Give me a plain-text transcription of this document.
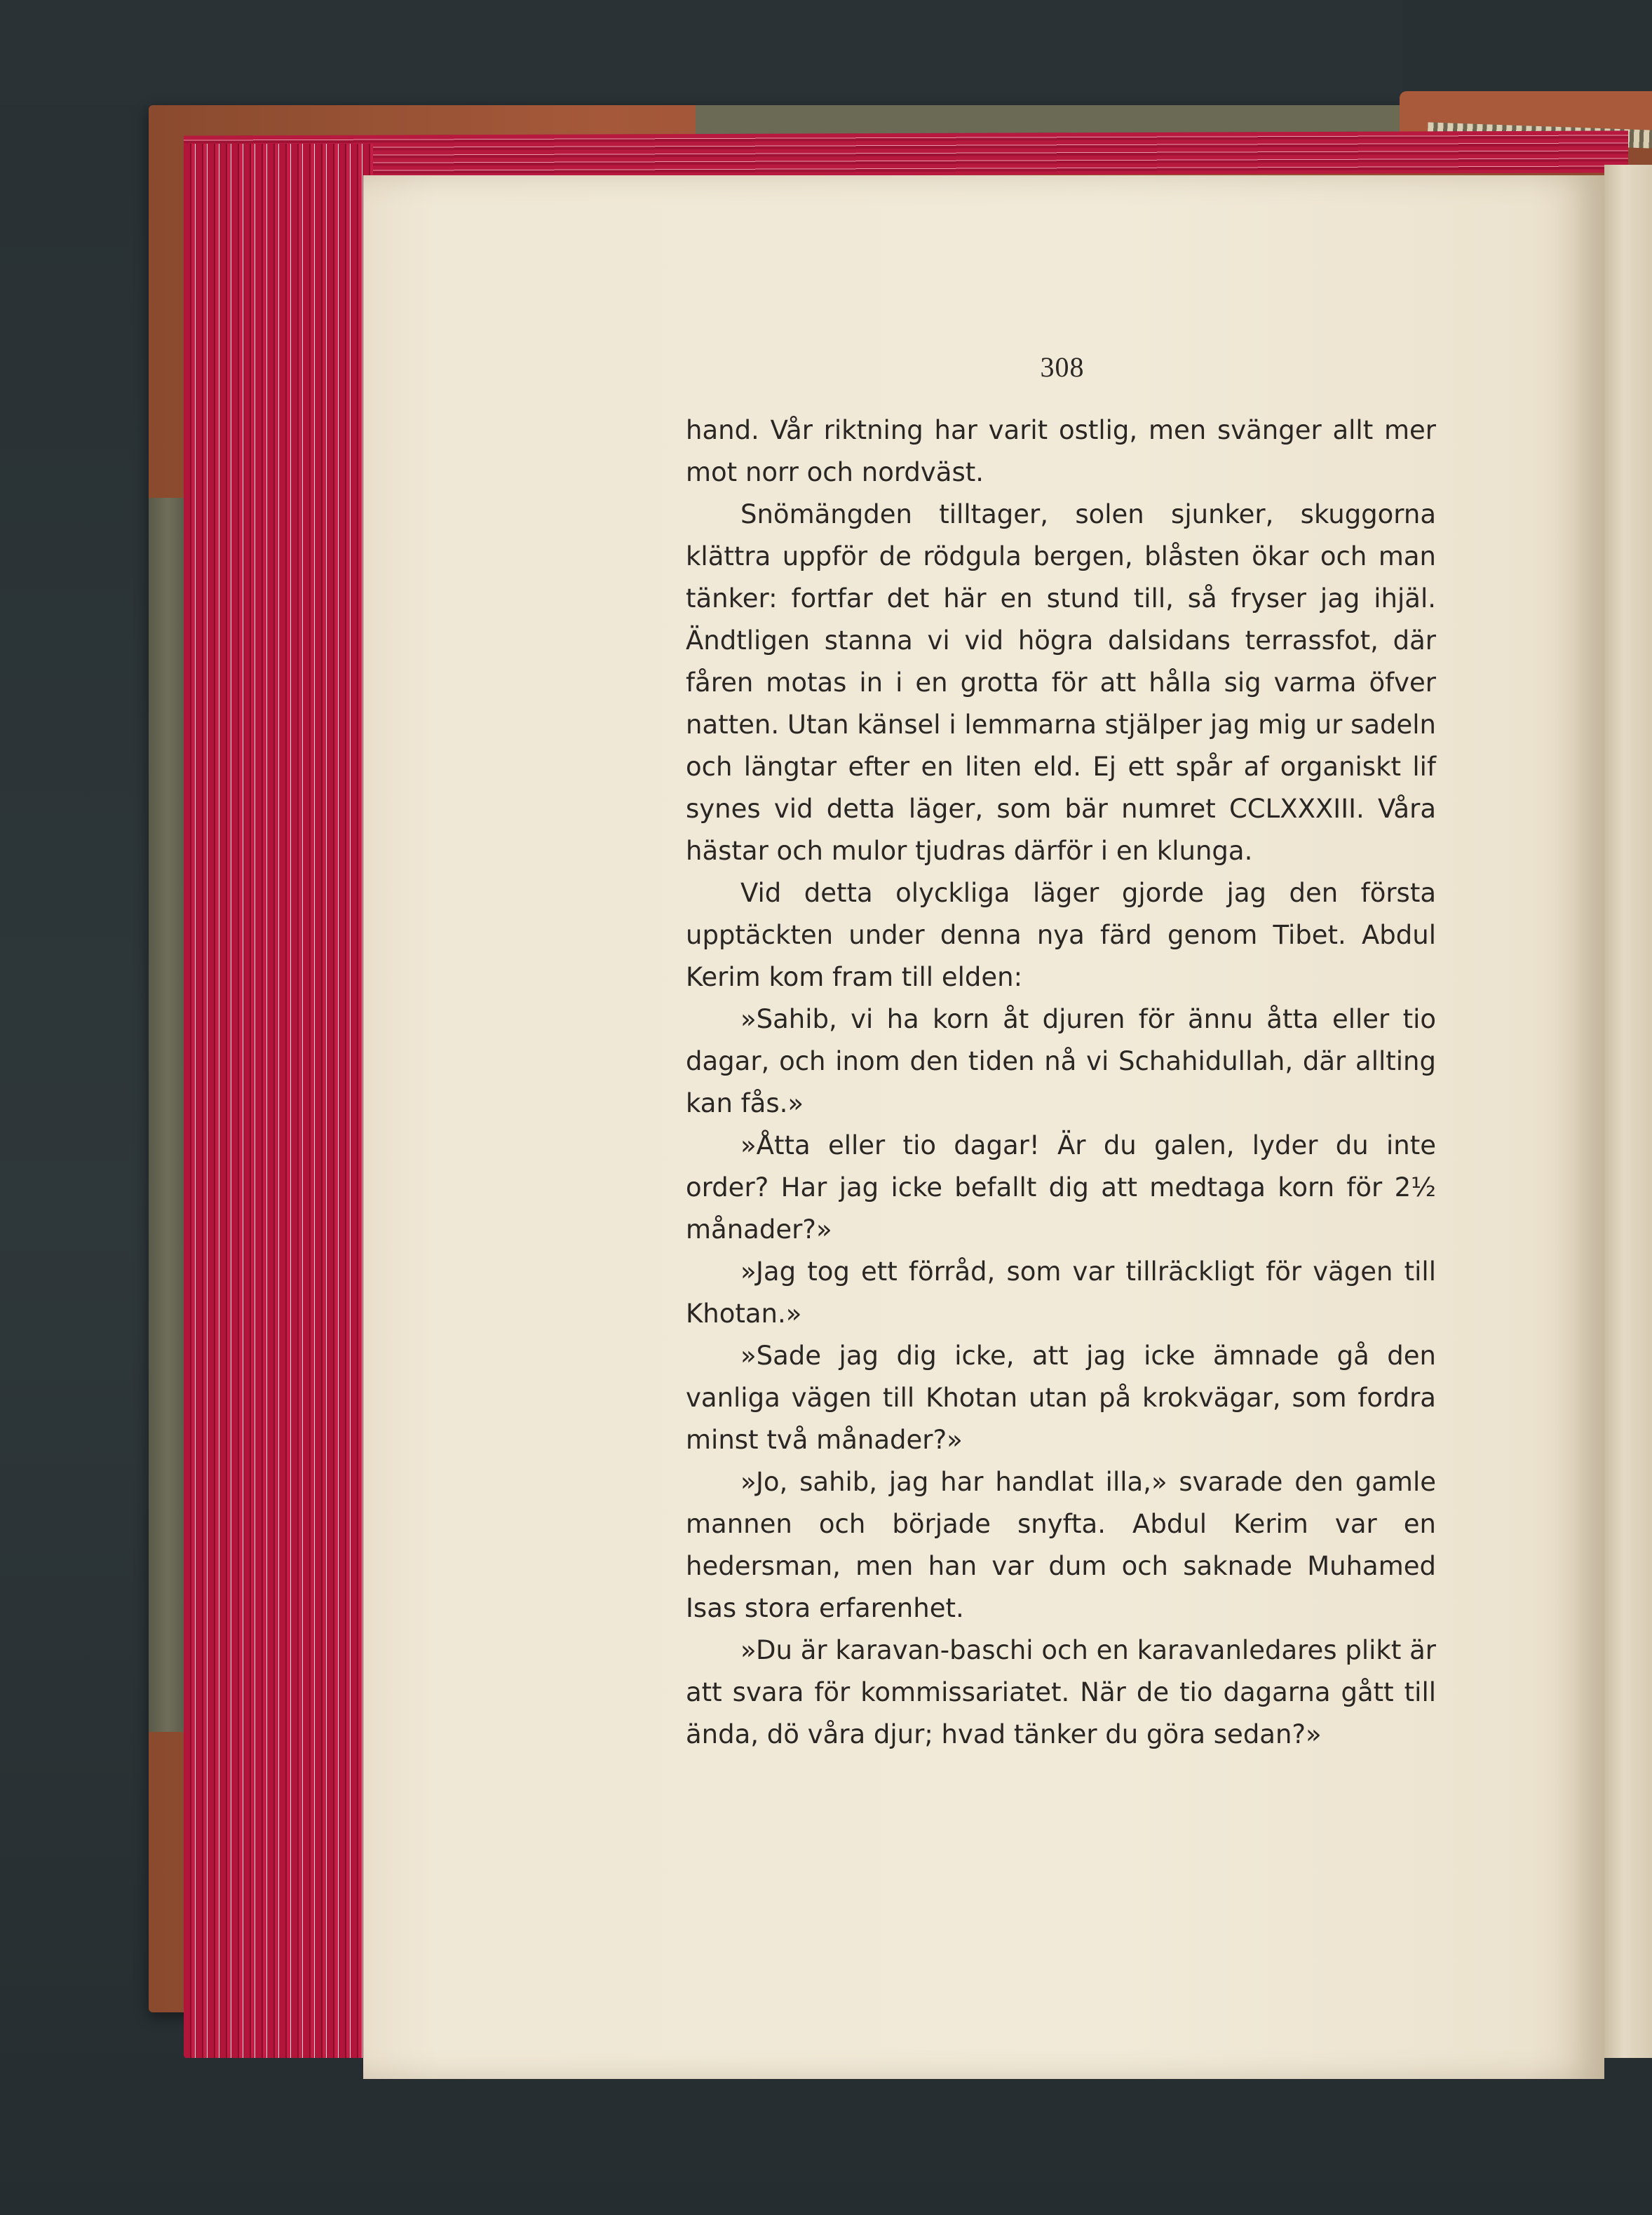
308

hand. Vår riktning har varit ostlig, men svänger allt mer mot norr och nordväst.

Snömängden tilltager, solen sjunker, skuggorna klättra uppför de rödgula bergen, blåsten ökar och man tänker: fortfar det här en stund till, så fryser jag ihjäl. Ändtligen stanna vi vid högra dalsidans terrassfot, där fåren motas in i en grotta för att hålla sig varma öfver natten. Utan känsel i lemmarna stjälper jag mig ur sadeln och längtar efter en liten eld. Ej ett spår af organiskt lif synes vid detta läger, som bär numret CCLXXXIII. Våra hästar och mulor tjudras därför i en klunga.

Vid detta olyckliga läger gjorde jag den första upptäckten under denna nya färd genom Tibet. Abdul Kerim kom fram till elden:

»Sahib, vi ha korn åt djuren för ännu åtta eller tio dagar, och inom den tiden nå vi Schahidullah, där allting kan fås.»

»Åtta eller tio dagar! Är du galen, lyder du inte order? Har jag icke befallt dig att medtaga korn för 2½ månader?»

»Jag tog ett förråd, som var tillräckligt för vägen till Khotan.»

»Sade jag dig icke, att jag icke ämnade gå den vanliga vägen till Khotan utan på krokvägar, som fordra minst två månader?»

»Jo, sahib, jag har handlat illa,» svarade den gamle mannen och började snyfta. Abdul Kerim var en hedersman, men han var dum och saknade Muhamed Isas stora erfarenhet.

»Du är karavan-baschi och en karavanledares plikt är att svara för kommissariatet. När de tio dagarna gått till ända, dö våra djur; hvad tänker du göra sedan?»
